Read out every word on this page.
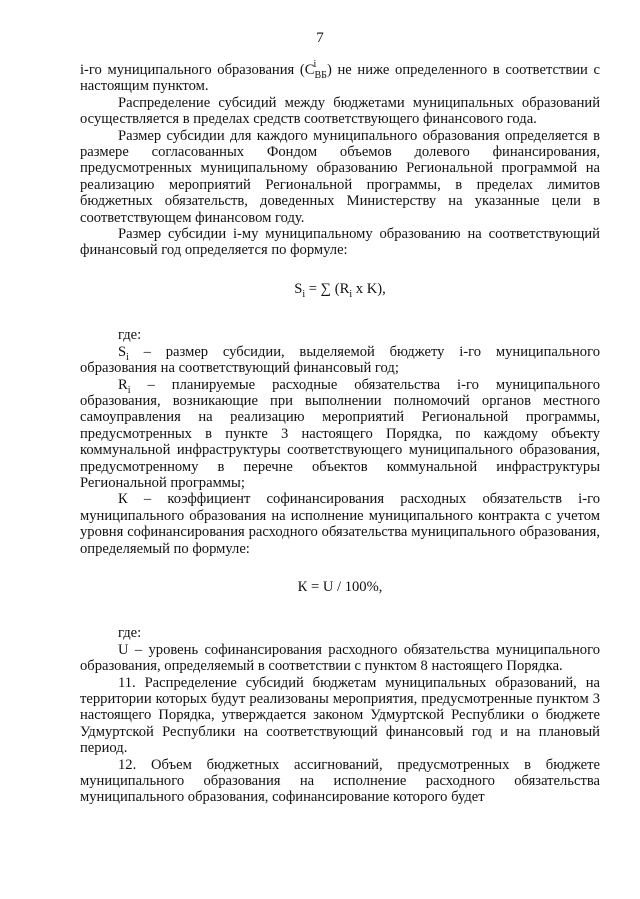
7

i-го муниципального образования (С i
$_{ВБ}$) не ниже определенного в соответствии с настоящим пунктом.

Распределение субсидий между бюджетами муниципальных образований осуществляется в пределах средств соответствующего финансового года.

Размер субсидии для каждого муниципального образования определяется в размере согласованных Фондом объемов долевого финансирования, предусмотренных муниципальному образованию Региональной программой на реализацию мероприятий Региональной программы, в пределах лимитов бюджетных обязательств, доведенных Министерству на указанные цели в соответствующем финансовом году.

Размер субсидии i-му муниципальному образованию на соответствующий финансовый год определяется по формуле:

$S_i$ = ∑ ($R_i$ x K),

где:

$S_i$ – размер субсидии, выделяемой бюджету i-го муниципального образования на соответствующий финансовый год;

$R_i$ – планируемые расходные обязательства i-го муниципального образования, возникающие при выполнении полномочий органов местного самоуправления на реализацию мероприятий Региональной программы, предусмотренных в пункте 3 настоящего Порядка, по каждому объекту коммунальной инфраструктуры соответствующего муниципального образования, предусмотренному в перечне объектов коммунальной инфраструктуры Региональной программы;

К – коэффициент софинансирования расходных обязательств i-го муниципального образования на исполнение муниципального контракта с учетом уровня софинансирования расходного обязательства муниципального образования, определяемый по формуле:

К = U / 100%,

где:

U – уровень софинансирования расходного обязательства муниципального образования, определяемый в соответствии с пунктом 8 настоящего Порядка.

11. Распределение субсидий бюджетам муниципальных образований, на территории которых будут реализованы мероприятия, предусмотренные пунктом 3 настоящего Порядка, утверждается законом Удмуртской Республики о бюджете Удмуртской Республики на соответствующий финансовый год и на плановый период.

12. Объем бюджетных ассигнований, предусмотренных в бюджете муниципального образования на исполнение расходного обязательства муниципального образования, софинансирование которого будет
